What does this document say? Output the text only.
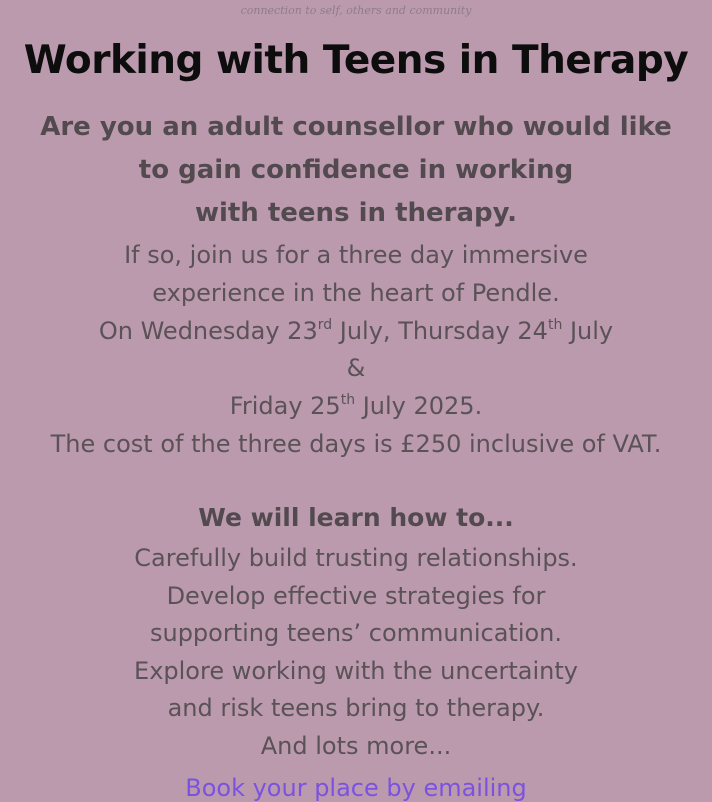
connection to self, others and community
Working with Teens in Therapy
Are you an adult counsellor who would like
to gain confidence in working
with teens in therapy.
If so, join us for a three day immersive
experience in the heart of Pendle.
On Wednesday 23rd July, Thursday 24th July
&
Friday 25th July 2025.
The cost of the three days is £250 inclusive of VAT.
We will learn how to...
Carefully build trusting relationships.
Develop effective strategies for
supporting teens’ communication.
Explore working with the uncertainty
and risk teens bring to therapy.
And lots more...
Book your place by emailing
